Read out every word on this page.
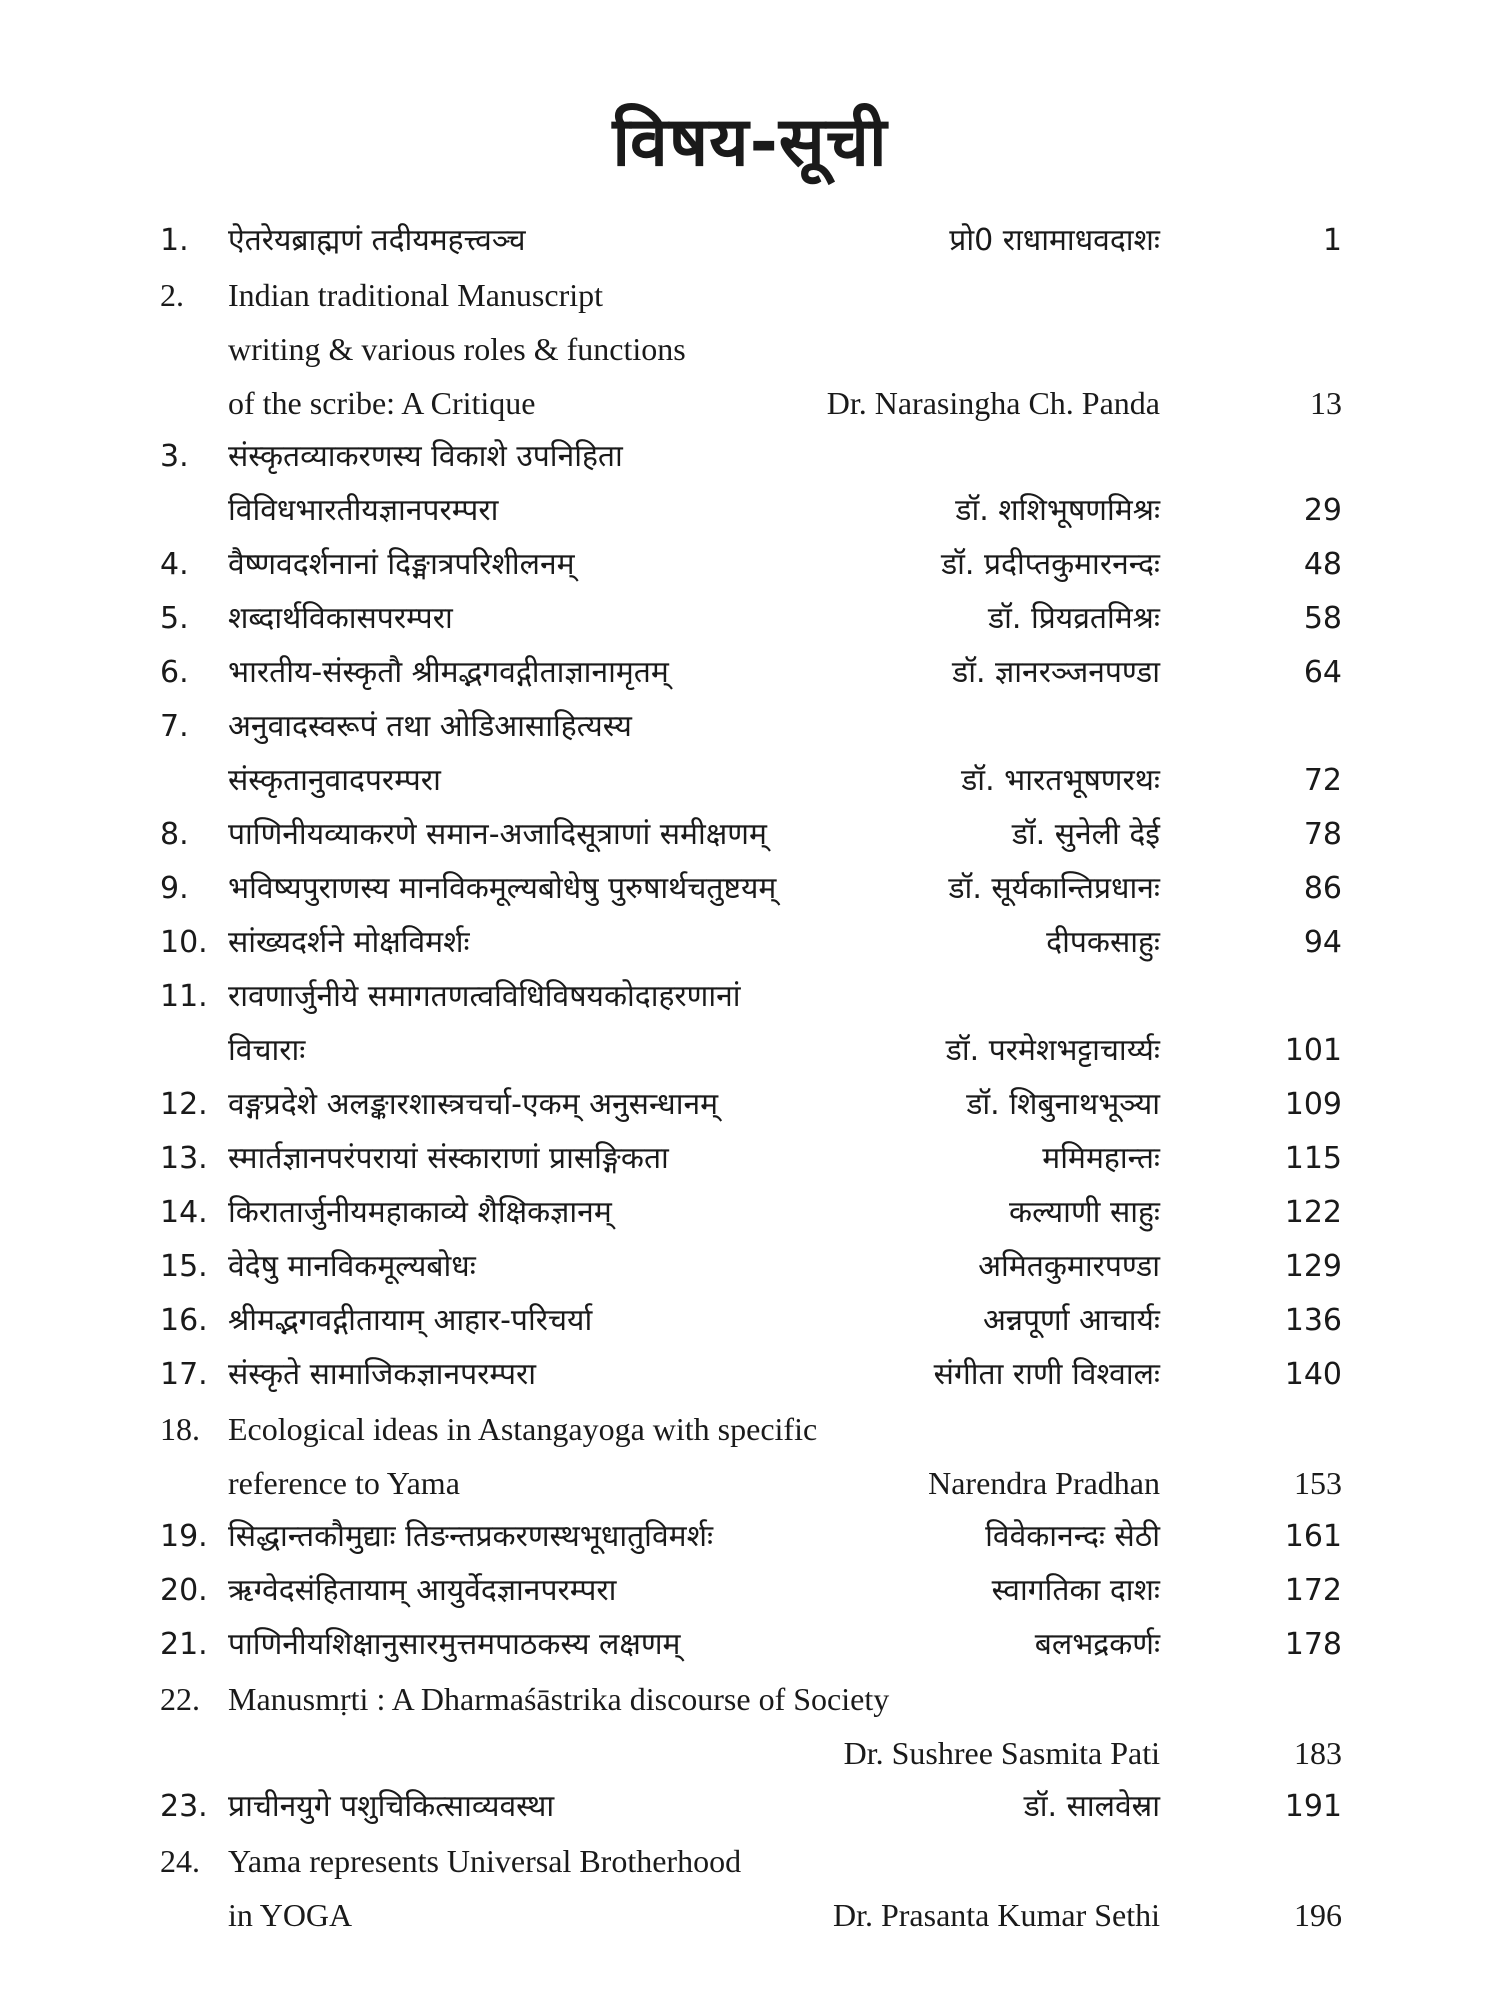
विषय-सूची
1. ऐतरेयब्राह्मणं तदीयमहत्त्वञ्च	प्रो0 राधामाधवदाशः	1
2. Indian traditional Manuscript
writing & various roles & functions
of the scribe: A Critique	Dr. Narasingha Ch. Panda	13
3. संस्कृतव्याकरणस्य विकाशे उपनिहिता
विविधभारतीयज्ञानपरम्परा	डॉ. शशिभूषणमिश्रः	29
4. वैष्णवदर्शनानां दिङ्मात्रपरिशीलनम्	डॉ. प्रदीप्तकुमारनन्दः	48
5. शब्दार्थविकासपरम्परा	डॉ. प्रियव्रतमिश्रः	58
6. भारतीय-संस्कृतौ श्रीमद्भगवद्गीताज्ञानामृतम्	डॉ. ज्ञानरञ्जनपण्डा	64
7. अनुवादस्वरूपं तथा ओडिआसाहित्यस्य
संस्कृतानुवादपरम्परा	डॉ. भारतभूषणरथः	72
8. पाणिनीयव्याकरणे समान-अजादिसूत्राणां समीक्षणम्	डॉ. सुनेली देई	78
9. भविष्यपुराणस्य मानविकमूल्यबोधेषु पुरुषार्थचतुष्टयम्	डॉ. सूर्यकान्तिप्रधानः	86
10. सांख्यदर्शने मोक्षविमर्शः	दीपकसाहुः	94
11. रावणार्जुनीये समागतणत्वविधिविषयकोदाहरणानां
विचाराः	डॉ. परमेशभट्टाचार्य्यः	101
12. वङ्गप्रदेशे अलङ्कारशास्त्रचर्चा-एकम् अनुसन्धानम्	डॉ. शिबुनाथभूञ्या	109
13. स्मार्तज्ञानपरंपरायां संस्काराणां प्रासङ्गिकता	ममिमहान्तः	115
14. किरातार्जुनीयमहाकाव्ये शैक्षिकज्ञानम्	कल्याणी साहुः	122
15. वेदेषु मानविकमूल्यबोधः	अमितकुमारपण्डा	129
16. श्रीमद्भगवद्गीतायाम् आहार-परिचर्या	अन्नपूर्णा आचार्यः	136
17. संस्कृते सामाजिकज्ञानपरम्परा	संगीता राणी विश्वालः	140
18. Ecological ideas in Astangayoga with specific
reference to Yama	Narendra Pradhan	153
19. सिद्धान्तकौमुद्याः तिङन्तप्रकरणस्थभूधातुविमर्शः	विवेकानन्दः सेठी	161
20. ऋग्वेदसंहितायाम् आयुर्वेदज्ञानपरम्परा	स्वागतिका दाशः	172
21. पाणिनीयशिक्षानुसारमुत्तमपाठकस्य लक्षणम्	बलभद्रकर्णः	178
22. Manusmṛti : A Dharmaśāstrika discourse of Society
Dr. Sushree Sasmita Pati	183
23. प्राचीनयुगे पशुचिकित्साव्यवस्था	डॉ. सालवेस्रा	191
24. Yama represents Universal Brotherhood
in YOGA	Dr. Prasanta Kumar Sethi	196
